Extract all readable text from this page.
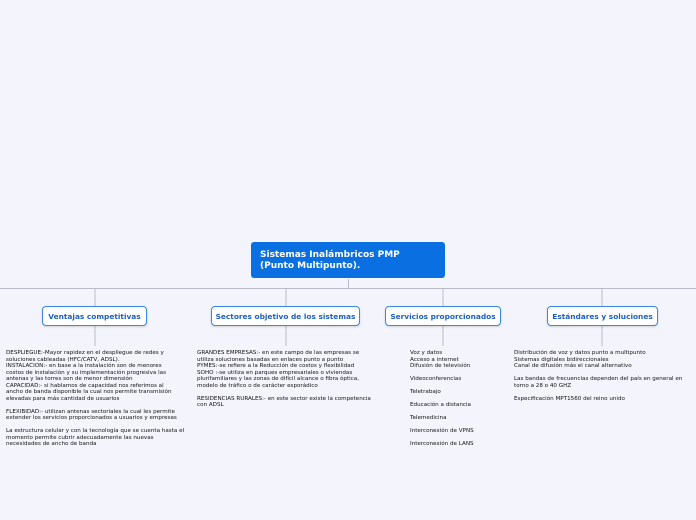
Sistemas Inalámbricos PMP
(Punto Multipunto).
Ventajas competitivas	Sectores objetivo de los sistemas	Servicios proporcionados	Estándares y soluciones
DESPLIEGUE:-Mayor rapidez en el despliegue de redes y
soluciones cableadas (HFC/CATV, ADSL).
INSTALACION:- en base a la instalación son de menores
costos de instalación y su implementación progresiva las
antenas y las torres son de menor dimensión
CAPACIDAD:- si hablamos de capacidad nos referimos al
ancho de banda disponible la cual nos permite transmisión
elevadas para más cantidad de usuarios
FLEXIBIDAD:- utilizan antenas sectoriales la cual les permite
extender los servicios proporcionados a usuarios y empresas
La estructura celular y con la tecnología que se cuenta hasta el
momento permite cubrir adecuadamente las nuevas
necesidades de ancho de banda
GRANDES EMPRESAS:- en este campo de las empresas se
utiliza soluciones basadas en enlaces punto a punto
PYMES:-se refiere a la Reducción de costos y flexibilidad
SOHO :-se utiliza en parques empresariales o viviendas
plurifamiliares y las zonas de difícil alcance o fibra óptica,
modelo de tráfico o de carácter esporádico
RESIDENCIAS RURALES:- en este sector existe la competencia
con ADSL
Voz y datos
Acceso a internet
Difusión de televisión
Videoconferencias
Teletrabajo
Educación a distancia
Telemedicina
Interconexión de VPNS
Interconexión de LANS
Distribución de voz y datos punto a multipunto
Sistemas digitales bidireccionales
Canal de difusión más el canal alternativo
Las bandas de frecuencias dependen del país en general en
torno a 28 o 40 GHZ
Especificación MPT1560 del reino unido
